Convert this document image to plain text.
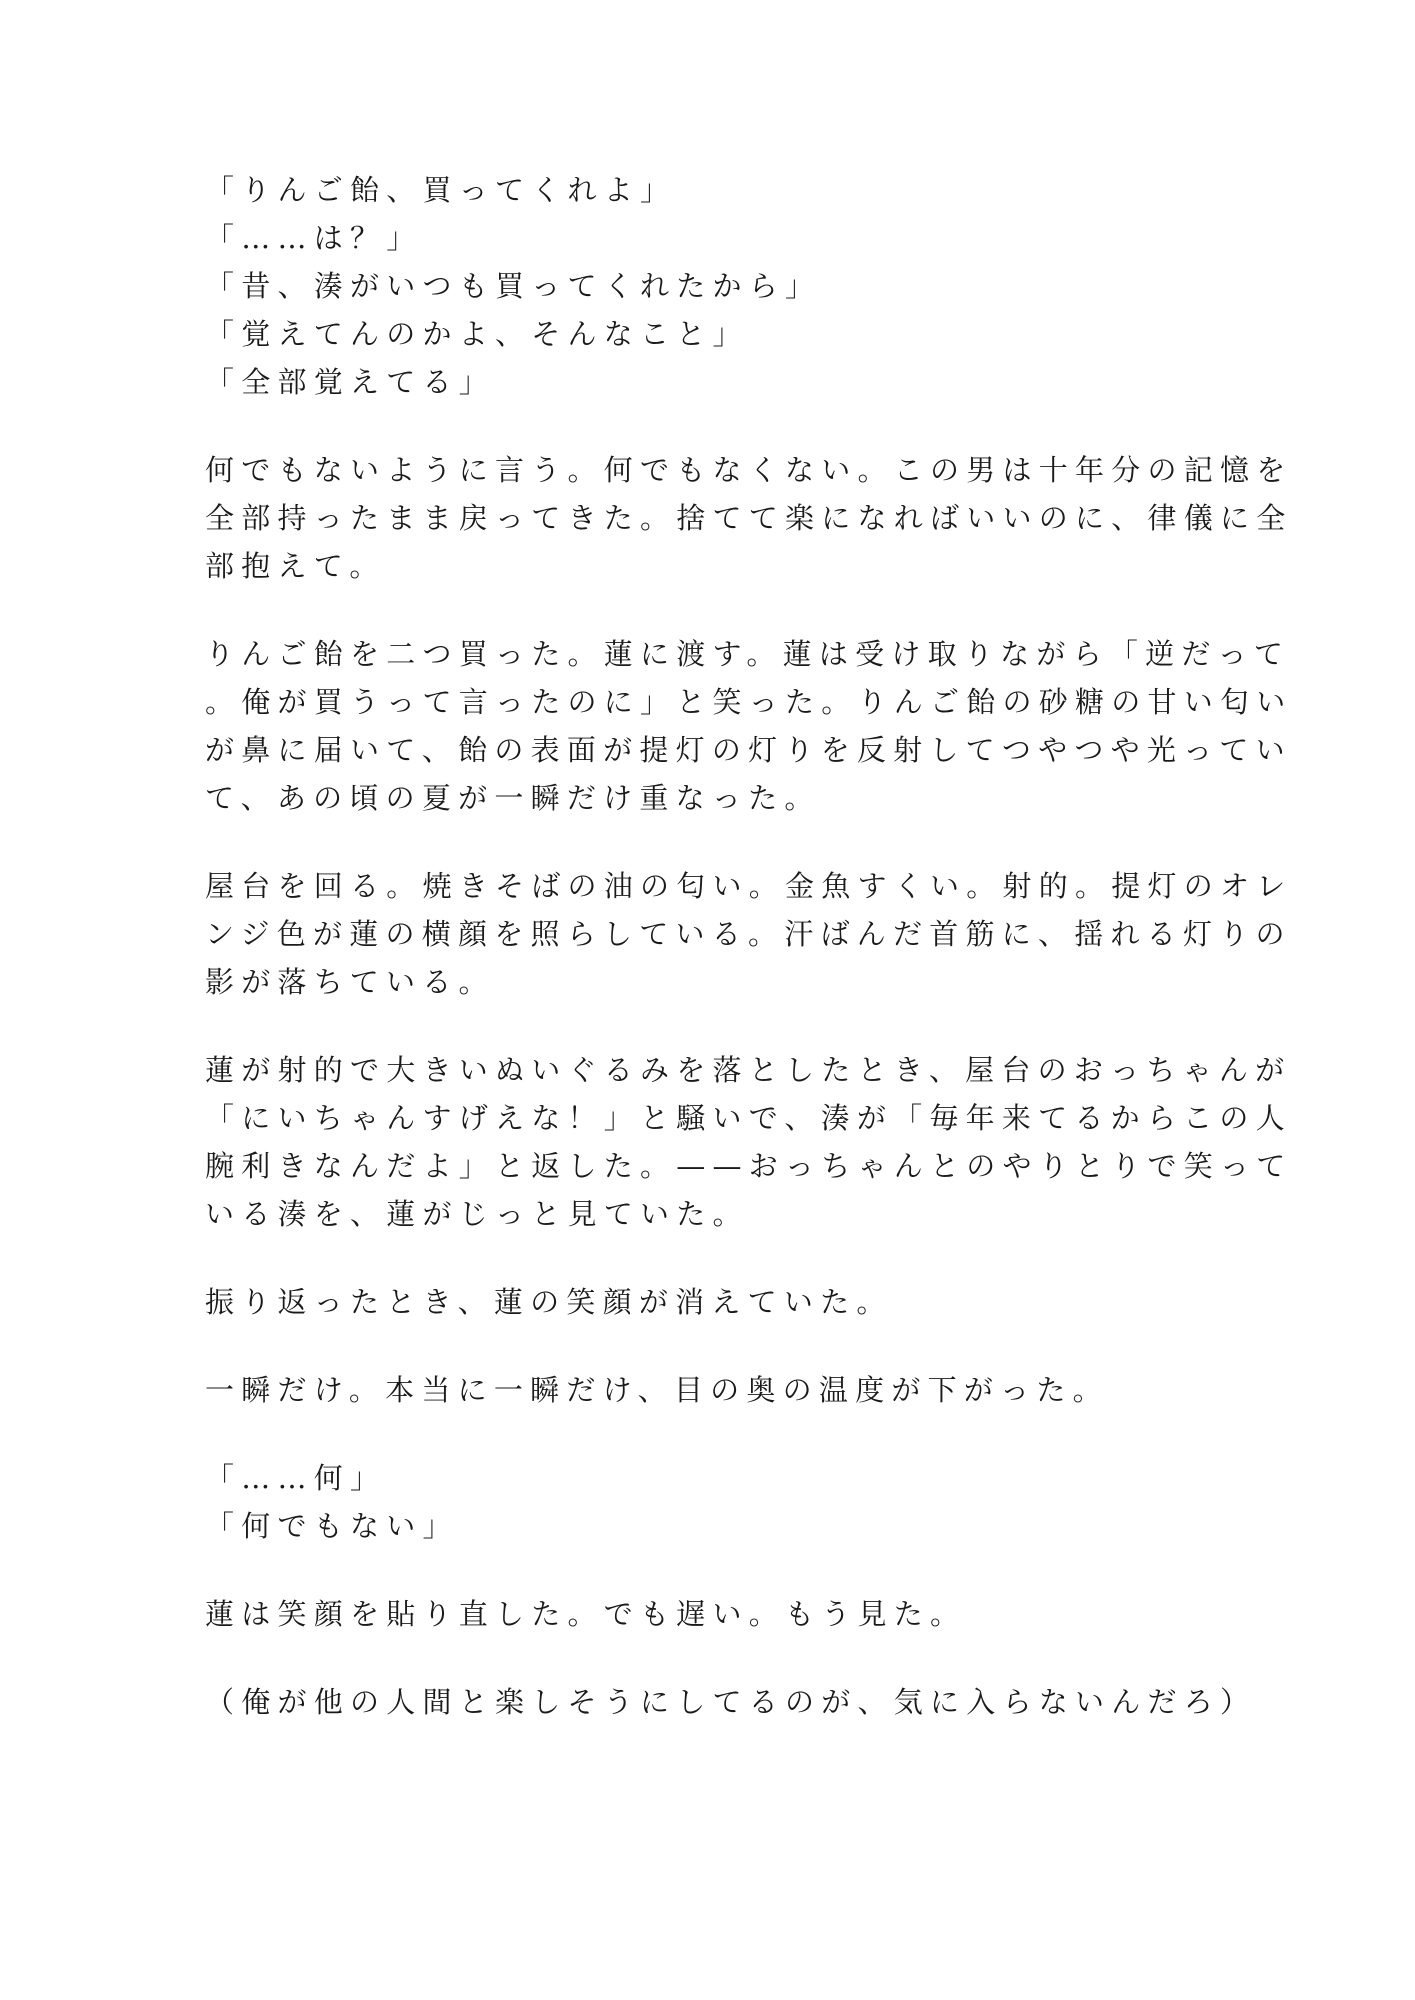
「りんご飴、買ってくれよ」
「……は？」
「昔、湊がいつも買ってくれたから」
「覚えてんのかよ、そんなこと」
「全部覚えてる」
何でもないように言う。何でもなくない。この男は十年分の記憶を
全部持ったまま戻ってきた。捨てて楽になればいいのに、律儀に全
部抱えて。
りんご飴を二つ買った。蓮に渡す。蓮は受け取りながら「逆だって
。俺が買うって言ったのに」と笑った。りんご飴の砂糖の甘い匂い
が鼻に届いて、飴の表面が提灯の灯りを反射してつやつや光ってい
て、あの頃の夏が一瞬だけ重なった。
屋台を回る。焼きそばの油の匂い。金魚すくい。射的。提灯のオレ
ンジ色が蓮の横顔を照らしている。汗ばんだ首筋に、揺れる灯りの
影が落ちている。
蓮が射的で大きいぬいぐるみを落としたとき、屋台のおっちゃんが
「にいちゃんすげえな！」と騒いで、湊が「毎年来てるからこの人
腕利きなんだよ」と返した。——おっちゃんとのやりとりで笑って
いる湊を、蓮がじっと見ていた。
振り返ったとき、蓮の笑顔が消えていた。
一瞬だけ。本当に一瞬だけ、目の奥の温度が下がった。
「……何」
「何でもない」
蓮は笑顔を貼り直した。でも遅い。もう見た。
（俺が他の人間と楽しそうにしてるのが、気に入らないんだろ）
